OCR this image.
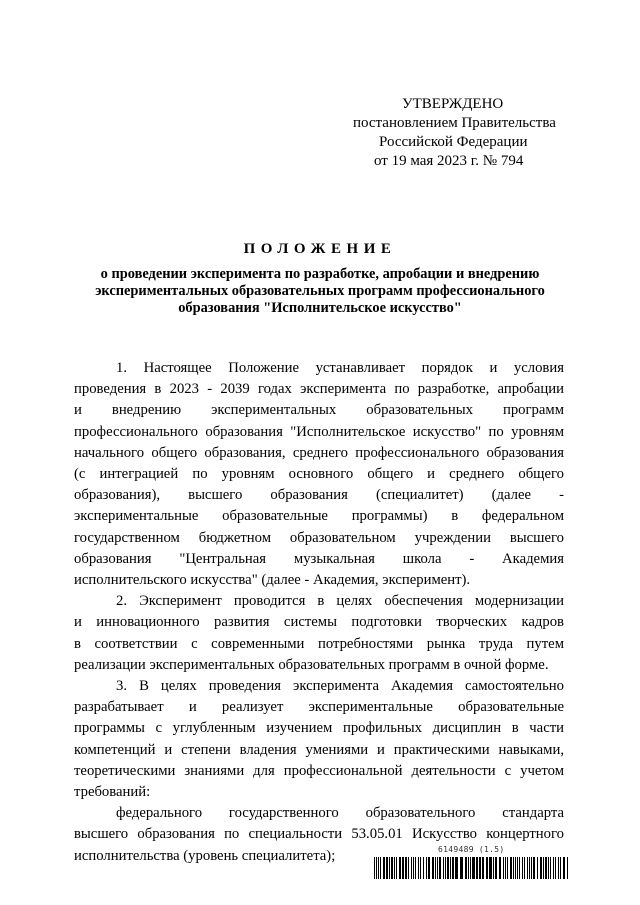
УТВЕРЖДЕНО
постановлением Правительства
Российской Федерации
от 19 мая 2023 г. № 794
ПОЛОЖЕНИЕ
о проведении эксперимента по разработке, апробации и внедрению
экспериментальных образовательных программ профессионального
образования "Исполнительское искусство"
1. Настоящее Положение устанавливает порядок и условия
проведения в 2023 - 2039 годах эксперимента по разработке, апробации
и внедрению экспериментальных образовательных программ
профессионального образования "Исполнительское искусство" по уровням
начального общего образования, среднего профессионального образования
(с интеграцией по уровням основного общего и среднего общего
образования), высшего образования (специалитет) (далее -
экспериментальные образовательные программы) в федеральном
государственном бюджетном образовательном учреждении высшего
образования "Центральная музыкальная школа - Академия
исполнительского искусства" (далее - Академия, эксперимент).
2. Эксперимент проводится в целях обеспечения модернизации
и инновационного развития системы подготовки творческих кадров
в соответствии с современными потребностями рынка труда путем
реализации экспериментальных образовательных программ в очной форме.
3. В целях проведения эксперимента Академия самостоятельно
разрабатывает и реализует экспериментальные образовательные
программы с углубленным изучением профильных дисциплин в части
компетенций и степени владения умениями и практическими навыками,
теоретическими знаниями для профессиональной деятельности с учетом
требований:
федерального государственного образовательного стандарта
высшего образования по специальности 53.05.01 Искусство концертного
исполнительства (уровень специалитета);	6149489 (1.5)
